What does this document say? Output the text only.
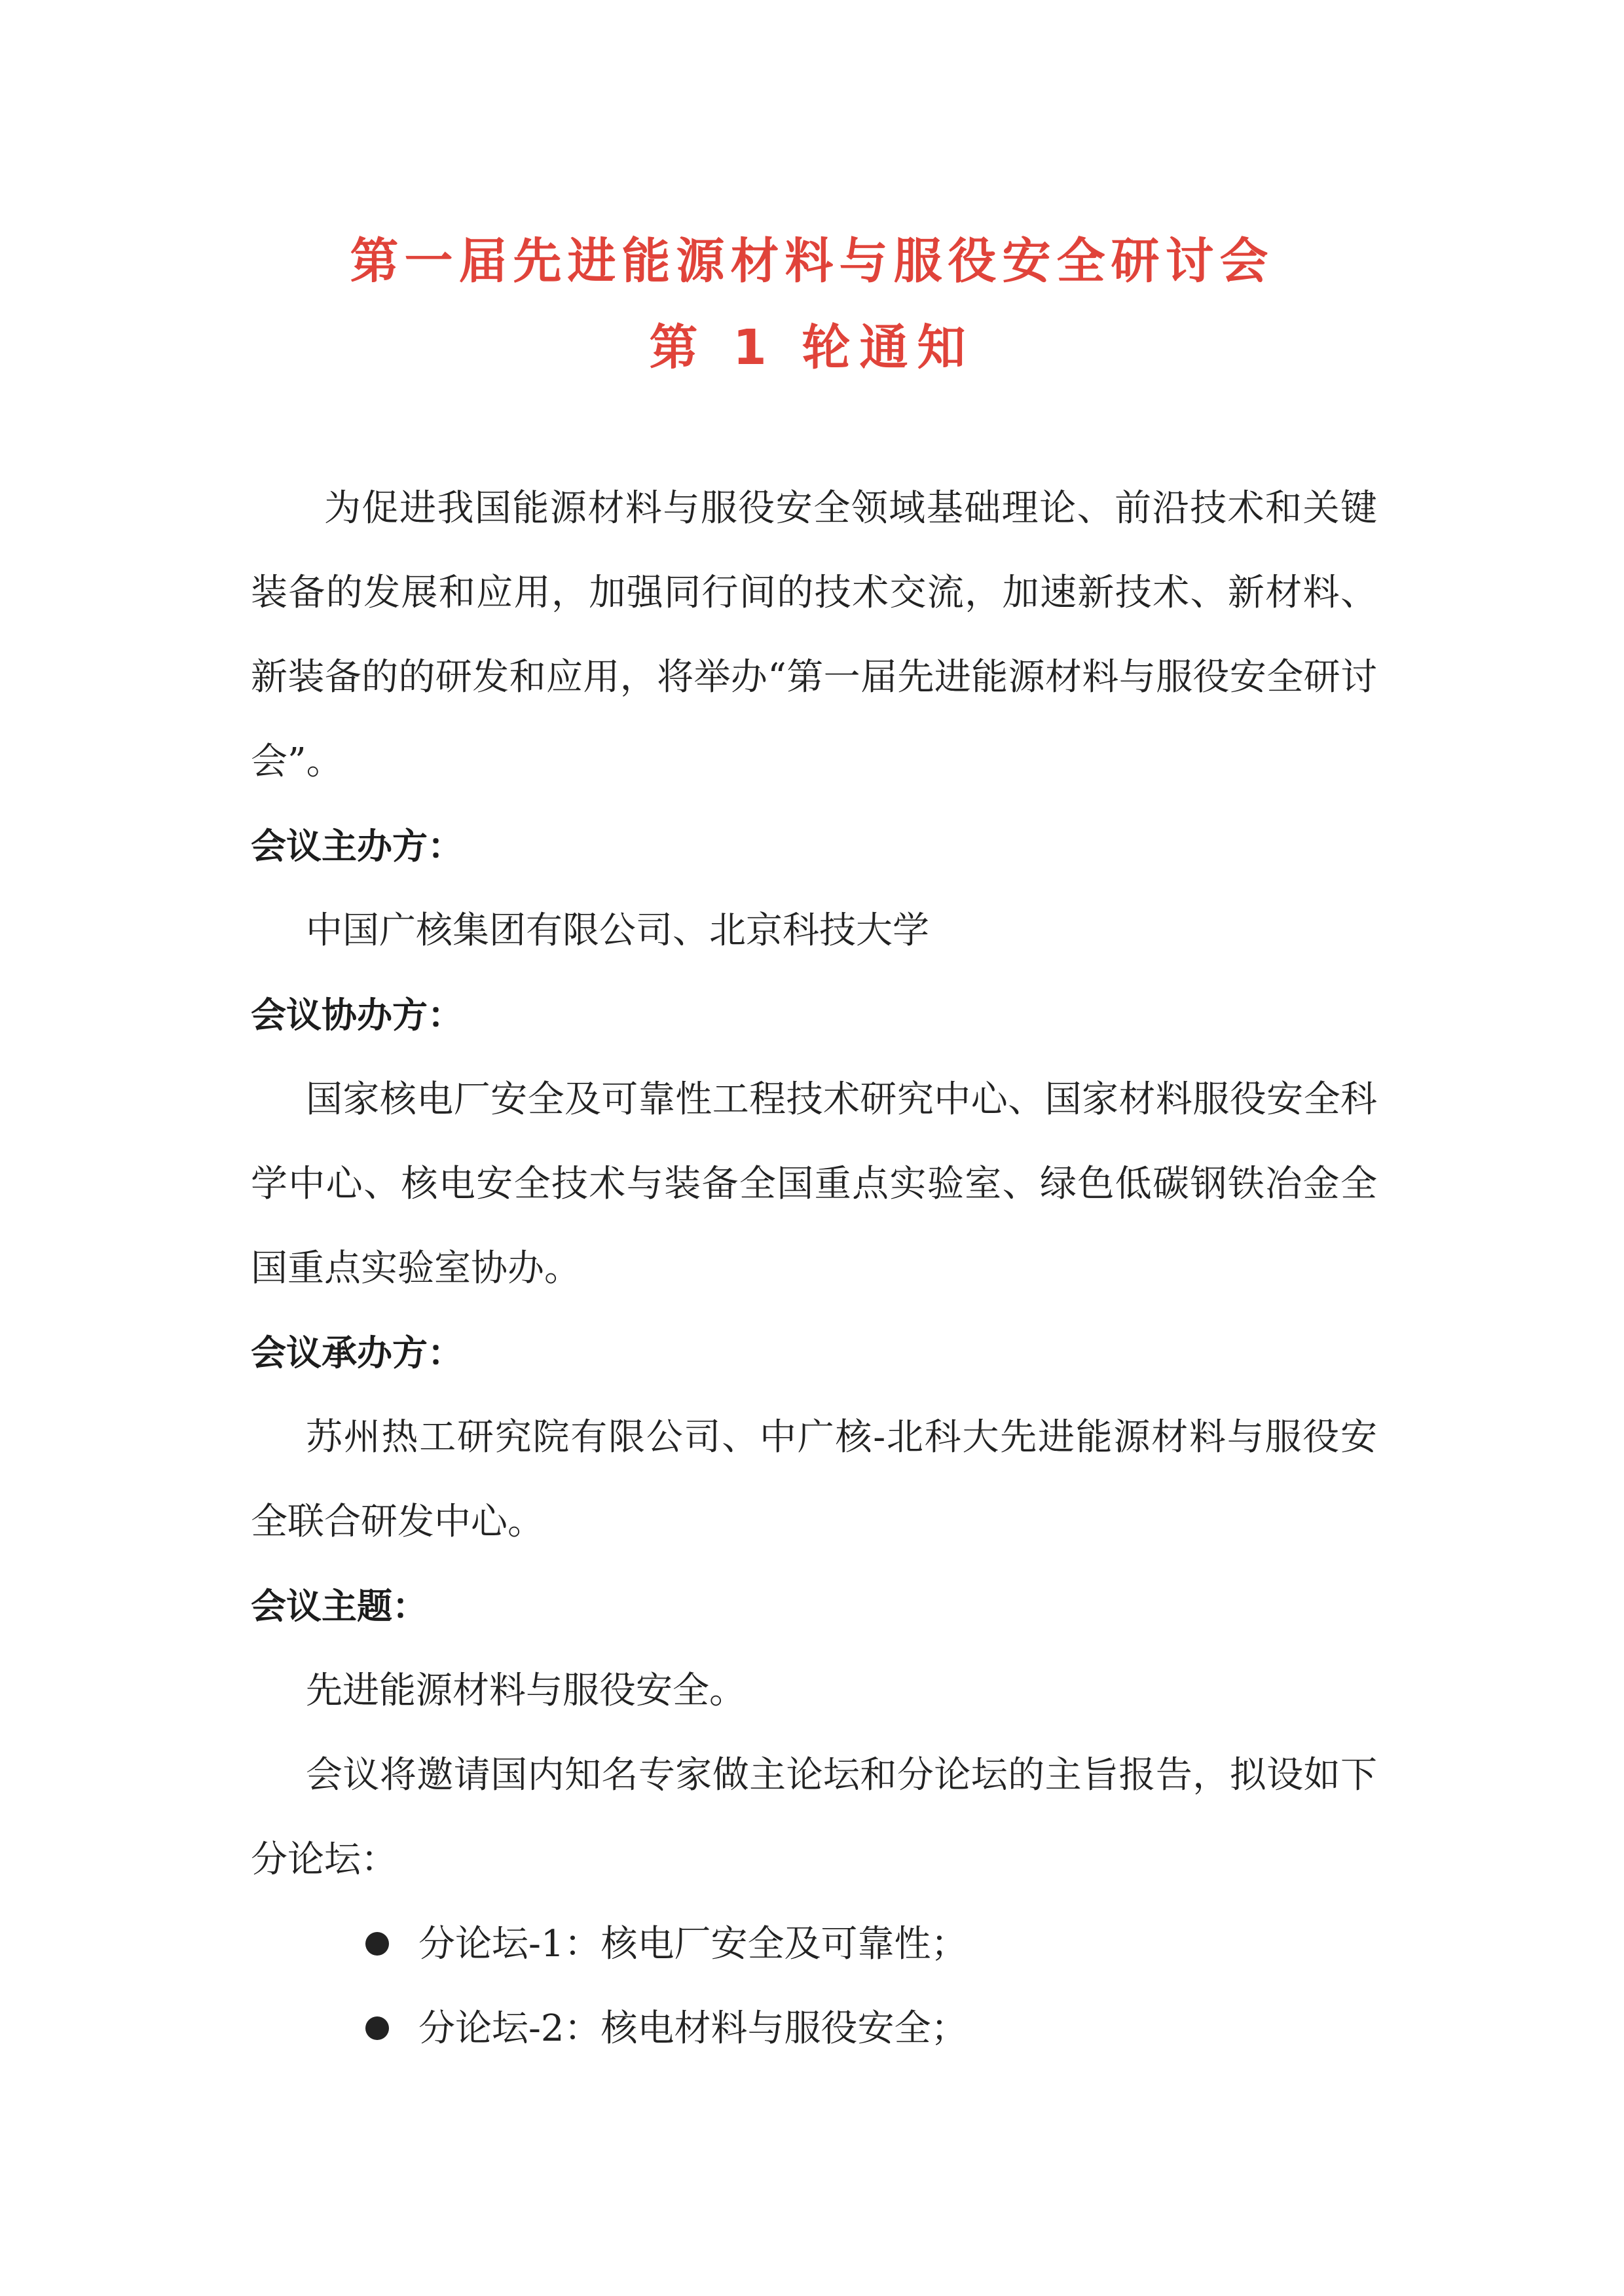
第一届先进能源材料与服役安全研讨会
第 1 轮通知

为促进我国能源材料与服役安全领域基础理论、前沿技术和关键装备的发展和应用，加强同行间的技术交流，加速新技术、新材料、新装备的的研发和应用，将举办“第一届先进能源材料与服役安全研讨会”。

会议主办方：

中国广核集团有限公司、北京科技大学

会议协办方：

国家核电厂安全及可靠性工程技术研究中心、国家材料服役安全科学中心、核电安全技术与装备全国重点实验室、绿色低碳钢铁冶金全国重点实验室协办。

会议承办方：

苏州热工研究院有限公司、中广核-北科大先进能源材料与服役安全联合研发中心。

会议主题：

先进能源材料与服役安全。

会议将邀请国内知名专家做主论坛和分论坛的主旨报告，拟设如下分论坛：

分论坛-1：核电厂安全及可靠性；
分论坛-2：核电材料与服役安全；
